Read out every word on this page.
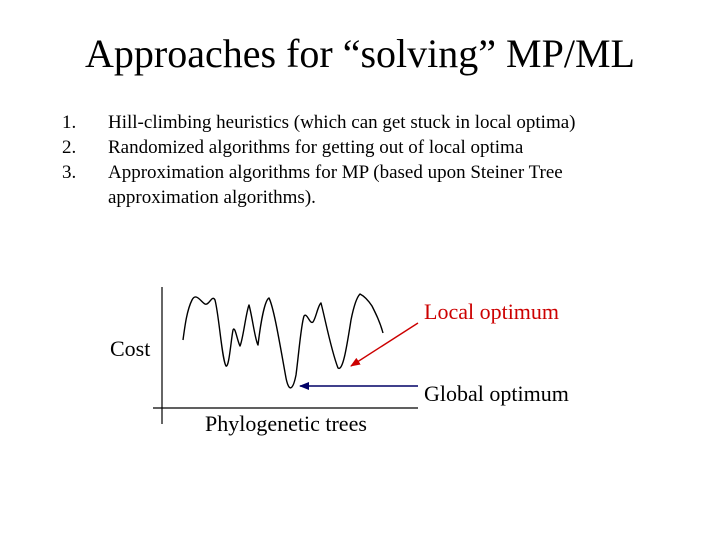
Approaches for “solving” MP/ML
1. Hill-climbing heuristics (which can get stuck in local optima)
2. Randomized algorithms for getting out of local optima
3. Approximation algorithms for MP (based upon Steiner Tree approximation algorithms).
Cost
Local optimum
Global optimum
Phylogenetic trees
